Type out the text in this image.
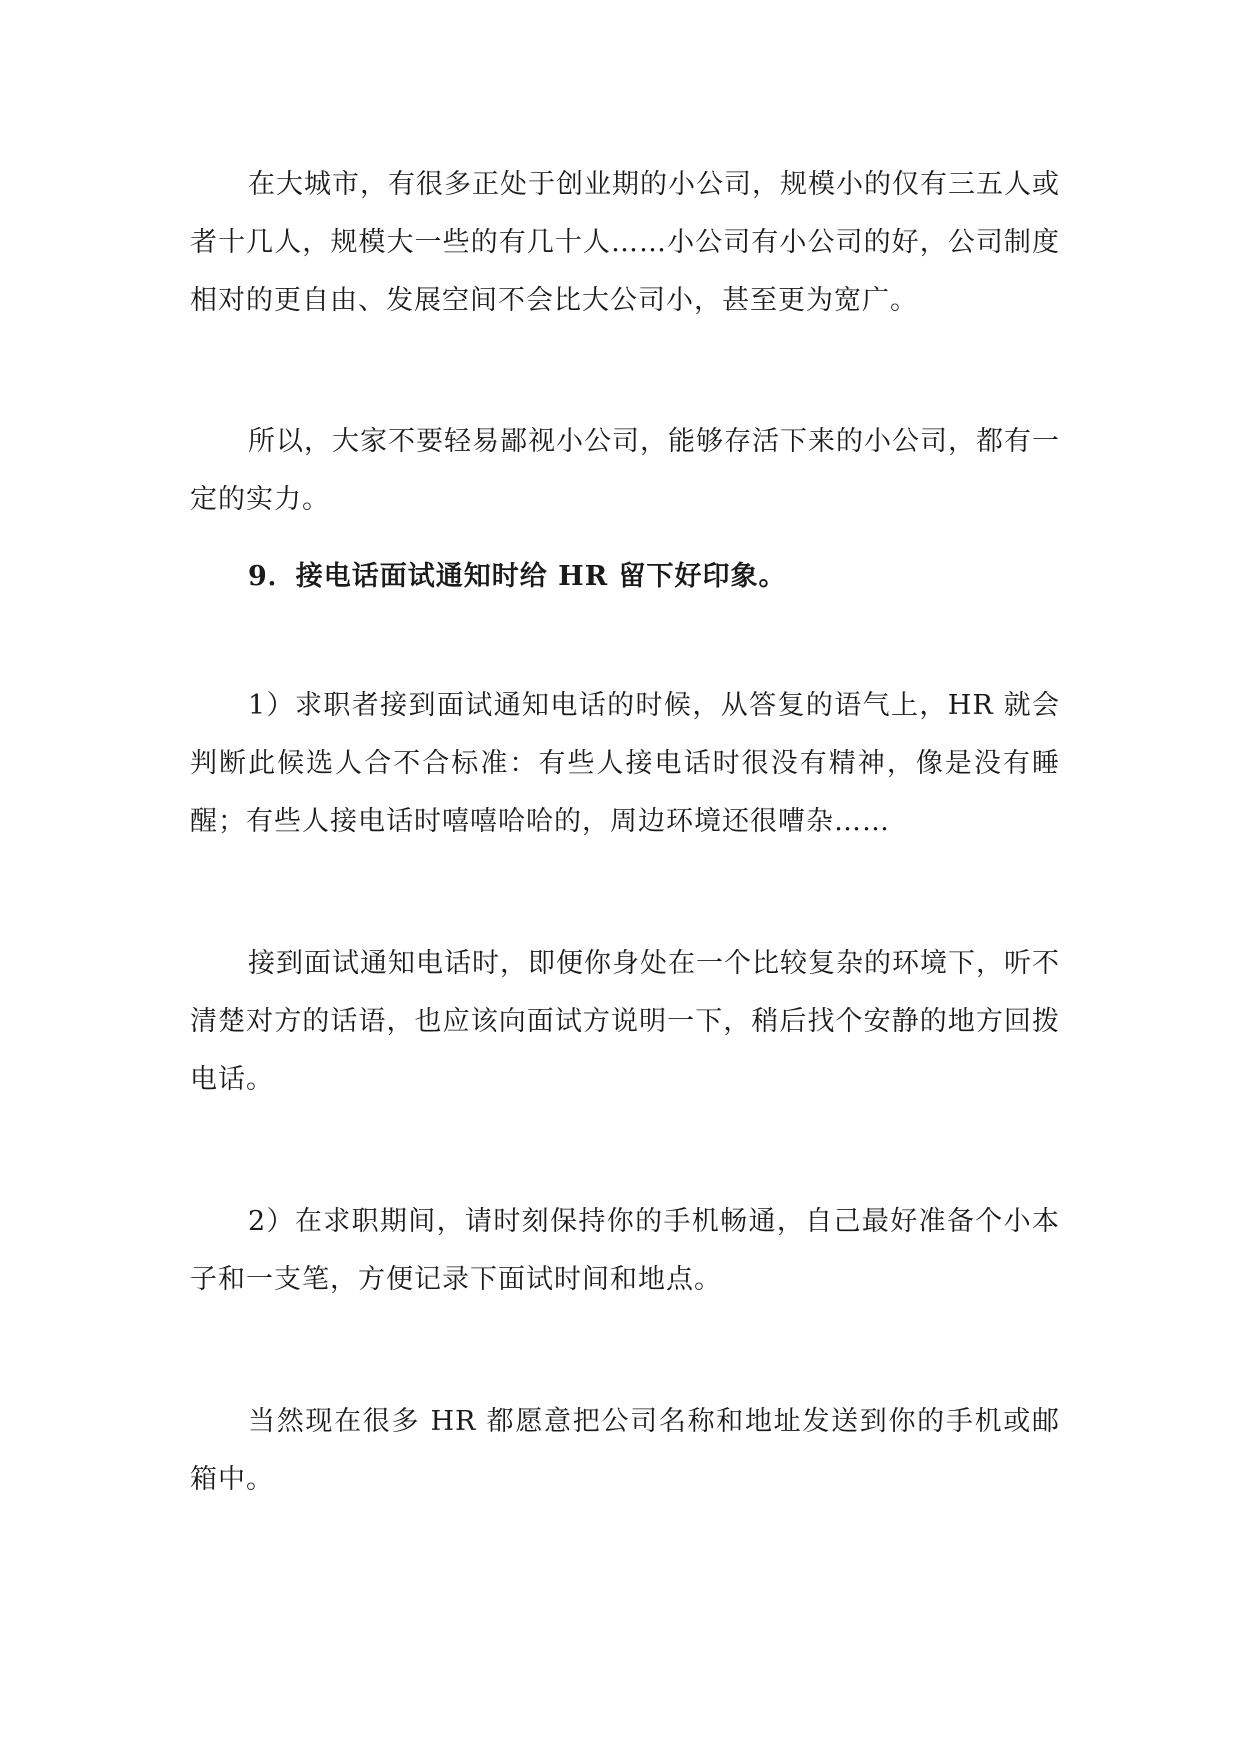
在大城市，有很多正处于创业期的小公司，规模小的仅有三五人或者十几人，规模大一些的有几十人……小公司有小公司的好，公司制度相对的更自由、发展空间不会比大公司小，甚至更为宽广。

所以，大家不要轻易鄙视小公司，能够存活下来的小公司，都有一定的实力。

9．接电话面试通知时给 HR 留下好印象。

1）求职者接到面试通知电话的时候，从答复的语气上，HR 就会判断此候选人合不合标准：有些人接电话时很没有精神，像是没有睡醒；有些人接电话时嘻嘻哈哈的，周边环境还很嘈杂……

接到面试通知电话时，即便你身处在一个比较复杂的环境下，听不清楚对方的话语，也应该向面试方说明一下，稍后找个安静的地方回拨电话。

2）在求职期间，请时刻保持你的手机畅通，自己最好准备个小本子和一支笔，方便记录下面试时间和地点。

当然现在很多 HR 都愿意把公司名称和地址发送到你的手机或邮箱中。
